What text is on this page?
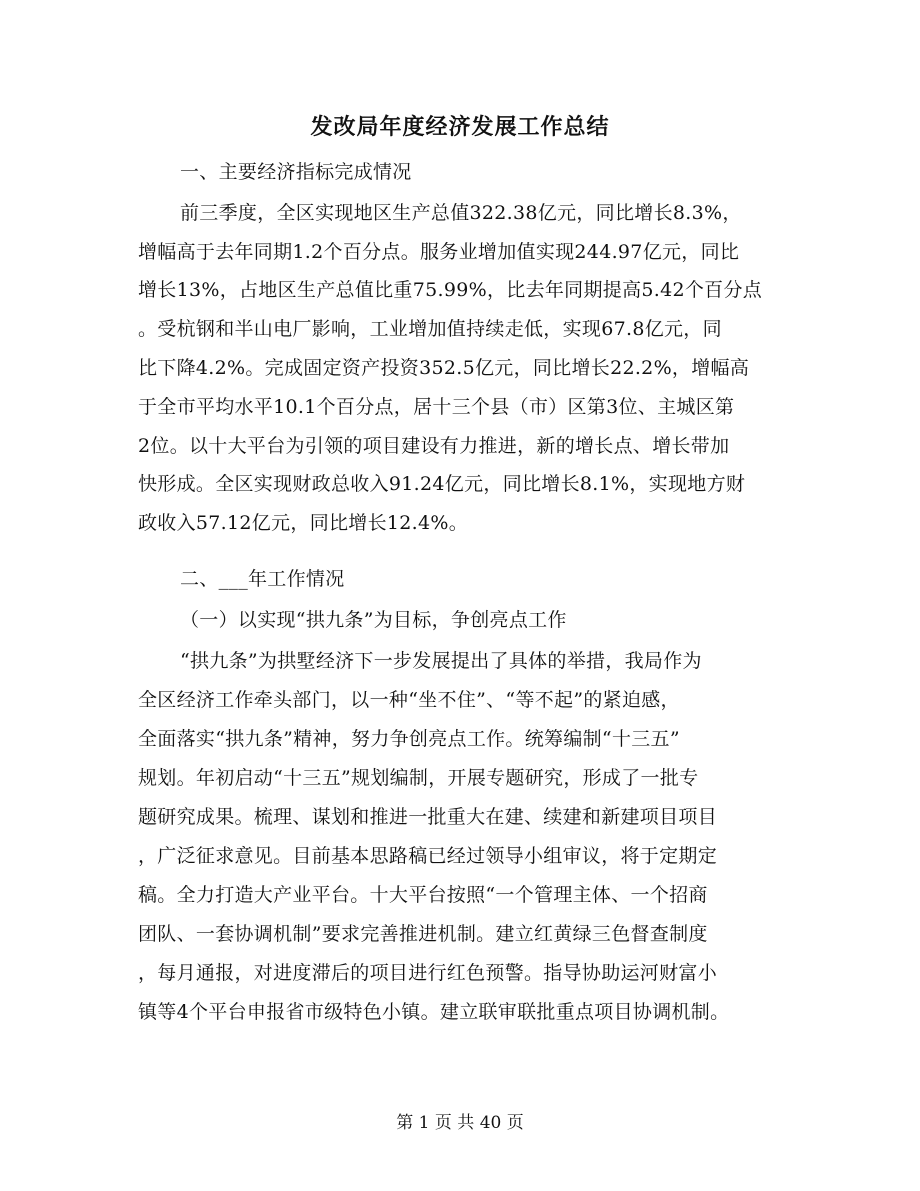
发改局年度经济发展工作总结
一、主要经济指标完成情况
前三季度，全区实现地区生产总值322.38亿元，同比增长8.3%，
增幅高于去年同期1.2个百分点。服务业增加值实现244.97亿元，同比
增长13%，占地区生产总值比重75.99%，比去年同期提高5.42个百分点
。受杭钢和半山电厂影响，工业增加值持续走低，实现67.8亿元，同
比下降4.2%。完成固定资产投资352.5亿元，同比增长22.2%，增幅高
于全市平均水平10.1个百分点，居十三个县（市）区第3位、主城区第
2位。以十大平台为引领的项目建设有力推进，新的增长点、增长带加
快形成。全区实现财政总收入91.24亿元，同比增长8.1%，实现地方财
政收入57.12亿元，同比增长12.4%。
二、___年工作情况
（一）以实现“拱九条”为目标，争创亮点工作
“拱九条”为拱墅经济下一步发展提出了具体的举措，我局作为
全区经济工作牵头部门，以一种“坐不住”、“等不起”的紧迫感，
全面落实“拱九条”精神，努力争创亮点工作。统筹编制“十三五”
规划。年初启动“十三五”规划编制，开展专题研究，形成了一批专
题研究成果。梳理、谋划和推进一批重大在建、续建和新建项目项目
，广泛征求意见。目前基本思路稿已经过领导小组审议，将于定期定
稿。全力打造大产业平台。十大平台按照“一个管理主体、一个招商
团队、一套协调机制”要求完善推进机制。建立红黄绿三色督查制度
，每月通报，对进度滞后的项目进行红色预警。指导协助运河财富小
镇等4个平台申报省市级特色小镇。建立联审联批重点项目协调机制。
第 1 页 共 40 页
